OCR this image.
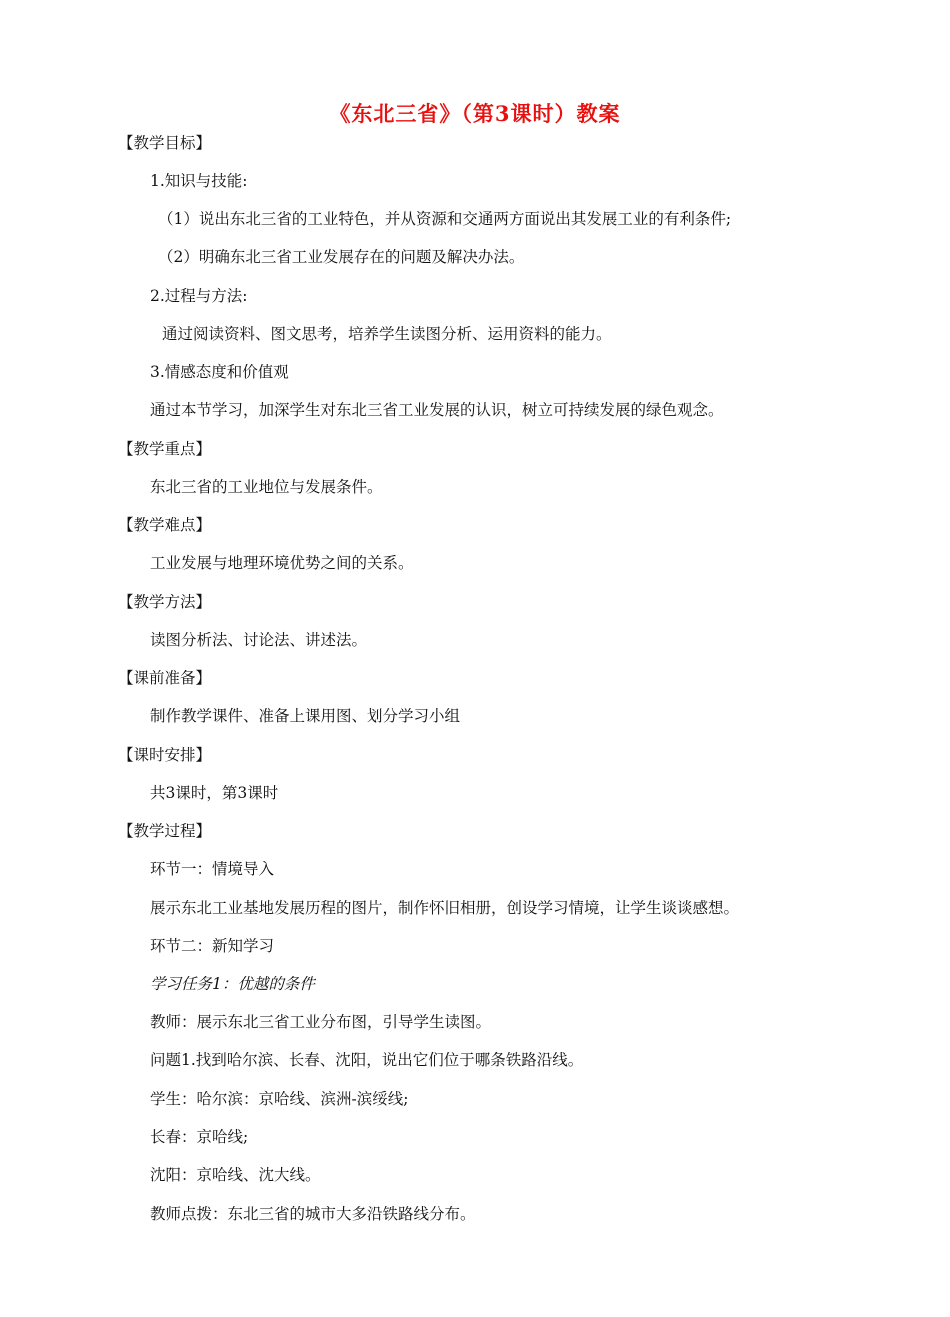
《东北三省》（第3课时）教案
【教学目标】
1.知识与技能:
（1）说出东北三省的工业特色，并从资源和交通两方面说出其发展工业的有利条件;
（2）明确东北三省工业发展存在的问题及解决办法。
2.过程与方法:
通过阅读资料、图文思考，培养学生读图分析、运用资料的能力。
3.情感态度和价值观
通过本节学习，加深学生对东北三省工业发展的认识，树立可持续发展的绿色观念。
【教学重点】
东北三省的工业地位与发展条件。
【教学难点】
工业发展与地理环境优势之间的关系。
【教学方法】
读图分析法、讨论法、讲述法。
【课前准备】
制作教学课件、准备上课用图、划分学习小组
【课时安排】
共3课时，第3课时
【教学过程】
环节一：情境导入
展示东北工业基地发展历程的图片，制作怀旧相册，创设学习情境，让学生谈谈感想。
环节二：新知学习
学习任务1：优越的条件
教师：展示东北三省工业分布图，引导学生读图。
问题1.找到哈尔滨、长春、沈阳，说出它们位于哪条铁路沿线。
学生：哈尔滨：京哈线、滨洲-滨绥线;
长春：京哈线;
沈阳：京哈线、沈大线。
教师点拨：东北三省的城市大多沿铁路线分布。
